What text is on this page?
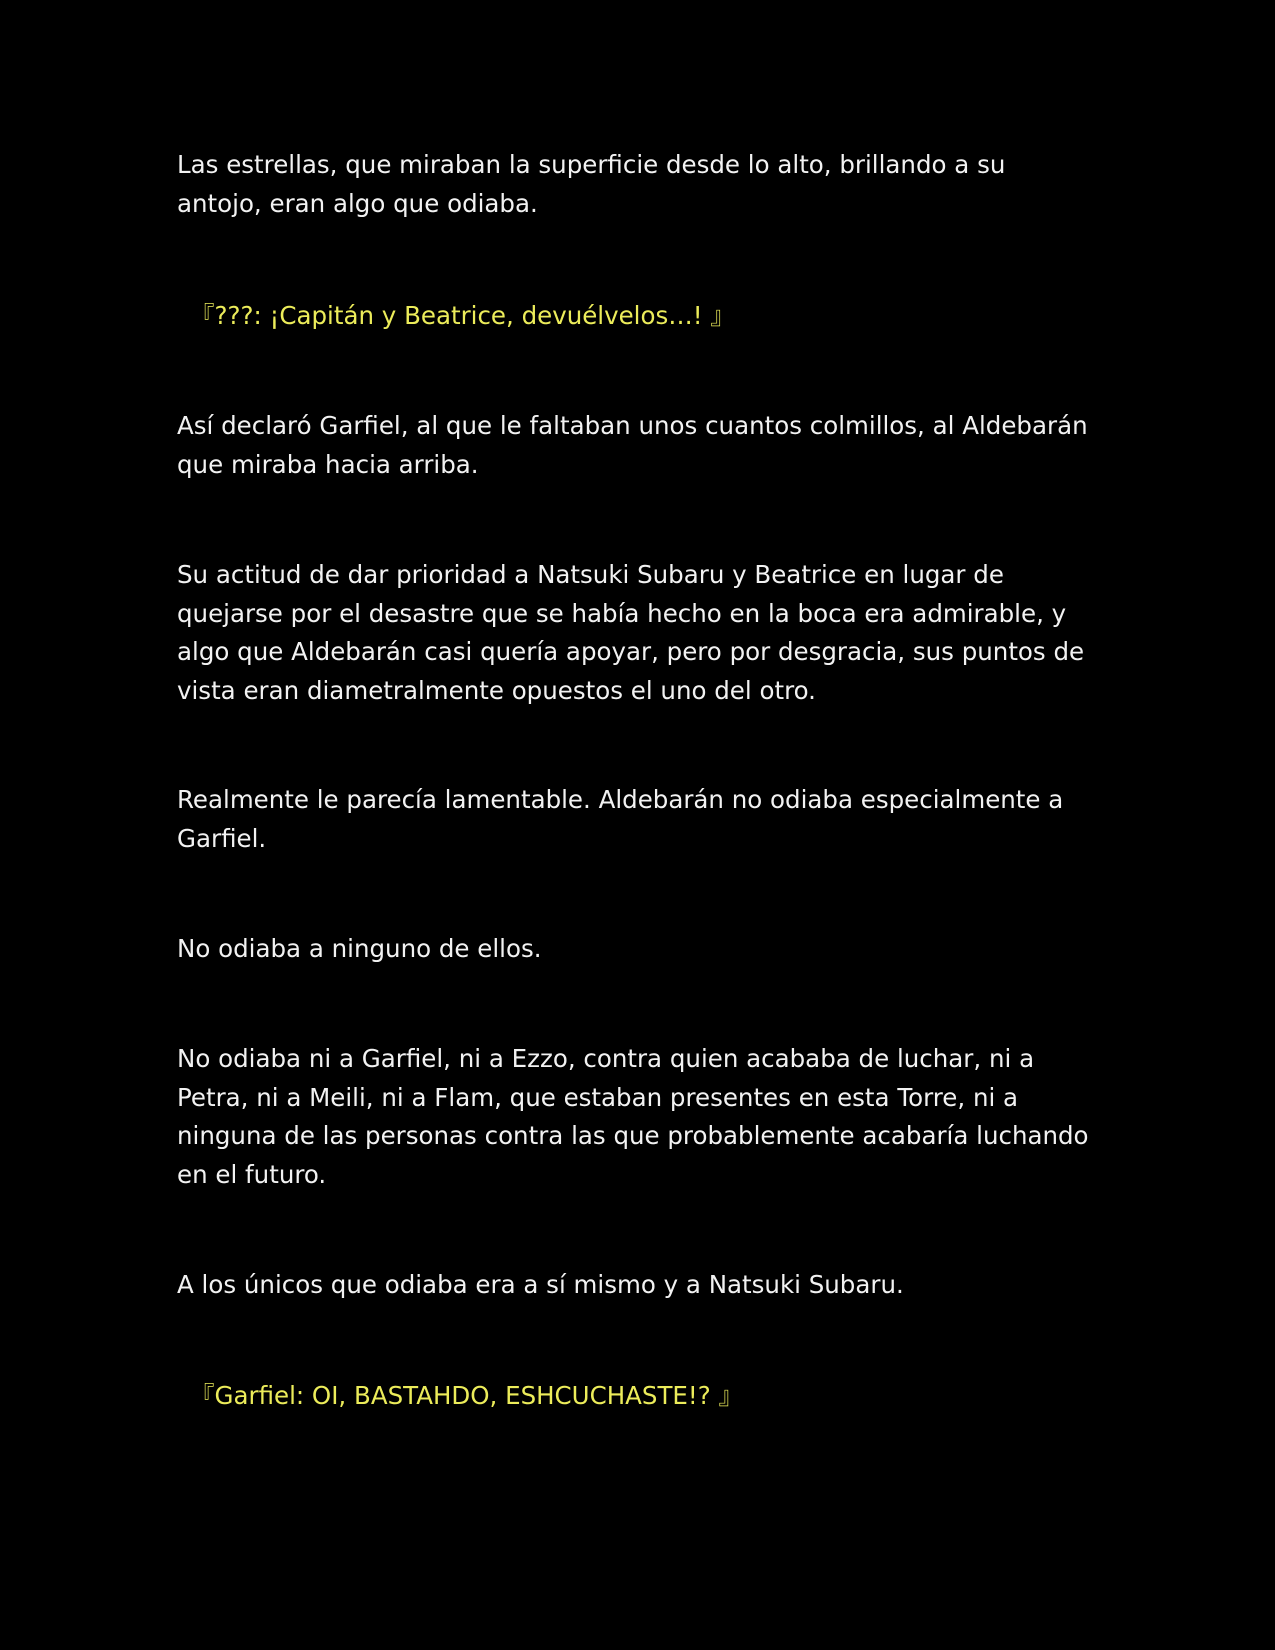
Las estrellas, que miraban la superficie desde lo alto, brillando a su antojo, eran algo que odiaba.

『???: ¡Capitán y Beatrice, devuélvelos…! 』

Así declaró Garfiel, al que le faltaban unos cuantos colmillos, al Aldebarán que miraba hacia arriba.

Su actitud de dar prioridad a Natsuki Subaru y Beatrice en lugar de quejarse por el desastre que se había hecho en la boca era admirable, y algo que Aldebarán casi quería apoyar, pero por desgracia, sus puntos de vista eran diametralmente opuestos el uno del otro.

Realmente le parecía lamentable. Aldebarán no odiaba especialmente a Garfiel.

No odiaba a ninguno de ellos.

No odiaba ni a Garfiel, ni a Ezzo, contra quien acababa de luchar, ni a Petra, ni a Meili, ni a Flam, que estaban presentes en esta Torre, ni a ninguna de las personas contra las que probablemente acabaría luchando en el futuro.

A los únicos que odiaba era a sí mismo y a Natsuki Subaru.

『Garfiel: OI, BASTAHDO, ESHCUCHASTE!? 』
